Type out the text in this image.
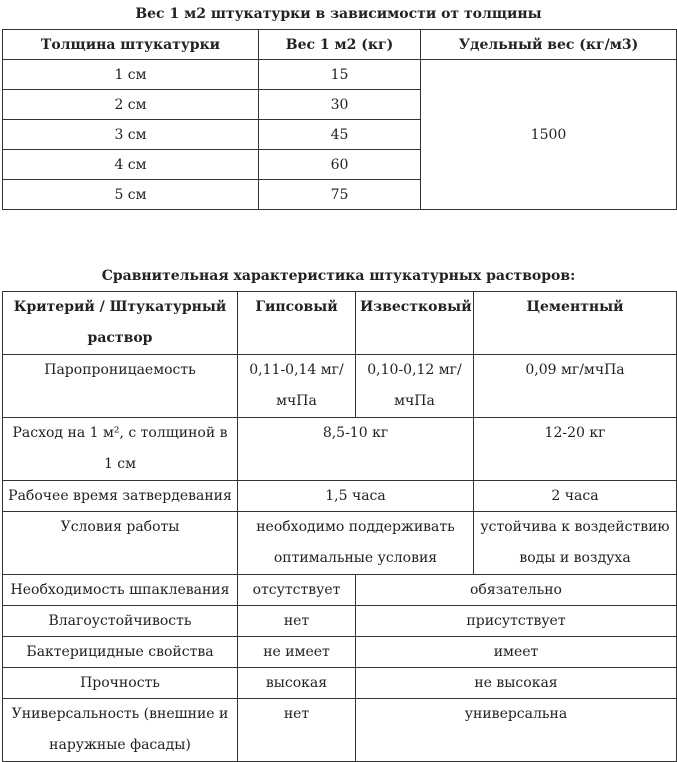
Вес 1 м2 штукатурки в зависимости от толщины
Толщина штукатурки	Вес 1 м2 (кг)	Удельный вес (кг/м3)
1 см	15	1500
2 см	30	
3 см	45	
4 см	60	
5 см	75	
Сравнительная характеристика штукатурных растворов:
Критерий / Штукатурный раствор	Гипсовый	Известковый	Цементный
Паропроницаемость	0,11-0,14 мг/мчПа	0,10-0,12 мг/мчПа	0,09 мг/мчПа
Расход на 1 м², с толщиной в 1 см	8,5-10 кг		12-20 кг
Рабочее время затвердевания	1,5 часа		2 часа
Условия работы	необходимо поддерживать оптимальные условия		устойчива к воздействию воды и воздуха
Необходимость шпаклевания	отсутствует	обязательно	
Влагоустойчивость	нет	присутствует	
Бактерицидные свойства	не имеет	имеет	
Прочность	высокая	не высокая	
Универсальность (внешние и наружные фасады)	нет	универсальна	
